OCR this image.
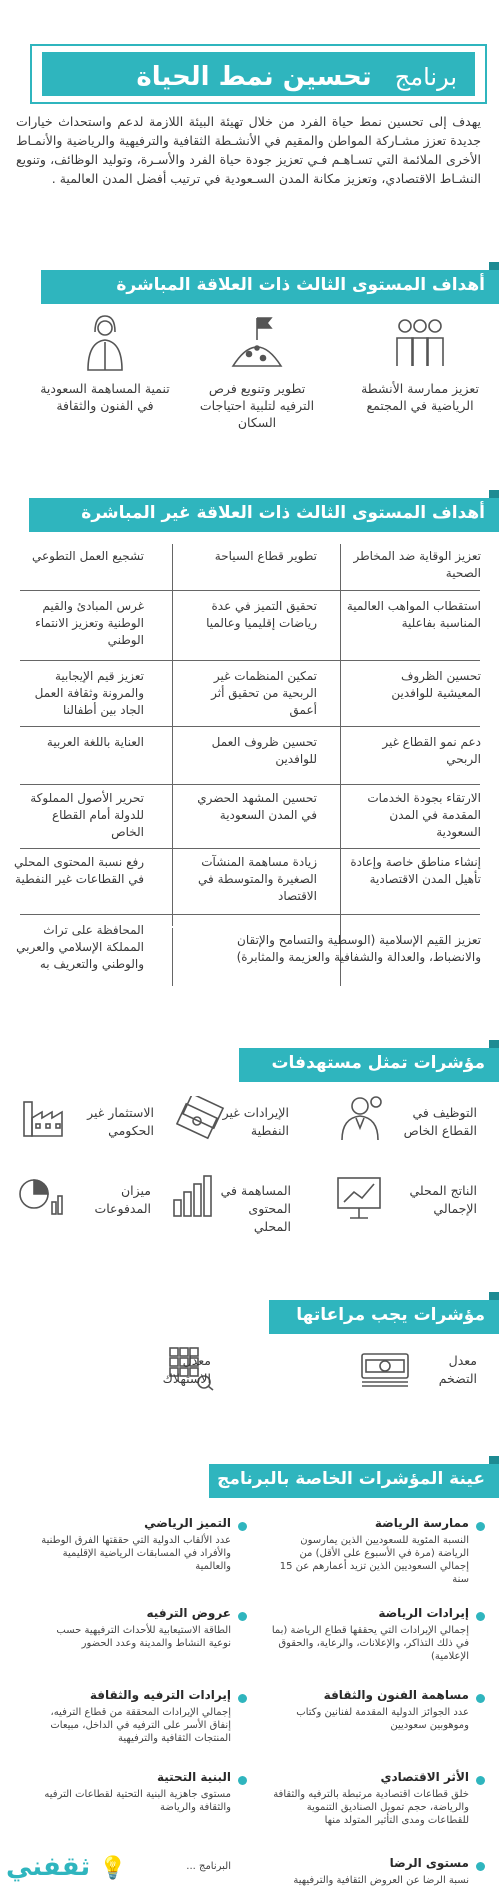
برنامج تحسين نمط الحياة
يهدف إلى تحسين نمط حياة الفرد من خلال تهيئة البيئة اللازمة لدعم واستحداث خيارات جديدة تعزز مشـاركة المواطن والمقيم في الأنشـطة الثقافية والترفيهية والرياضية والأنمـاط الأخرى الملائمة التي تسـاهـم فـي تعزيز جودة حياة الفرد والأسـرة، وتوليد الوظائف، وتنويع النشـاط الاقتصادي، وتعزيز مكانة المدن السـعودية في ترتيب أفضل المدن العالمية .
أهداف المستوى الثالث ذات العلاقة المباشرة
تعزيز ممارسة الأنشطة الرياضية في المجتمع
تطوير وتنويع فرص الترفيه لتلبية احتياجات السكان
تنمية المساهمة السعودية في الفنون والثقافة
أهداف المستوى الثالث ذات العلاقة غير المباشرة
تعزيز الوقاية ضد المخاطر الصحية
تطوير قطاع السياحة
تشجيع العمل التطوعي
استقطاب المواهب العالمية المناسبة بفاعلية
تحقيق التميز في عدة رياضات إقليميا وعالميا
غرس المبادئ والقيم الوطنية وتعزيز الانتماء الوطني
تحسين الظروف المعيشية للوافدين
تمكين المنظمات غير الربحية من تحقيق أثر أعمق
تعزيز قيم الإيجابية والمرونة وثقافة العمل الجاد بين أطفالنا
دعم نمو القطاع غير الربحي
تحسين ظروف العمل للوافدين
العناية باللغة العربية
الارتقاء بجودة الخدمات المقدمة في المدن السعودية
تحسين المشهد الحضري في المدن السعودية
تحرير الأصول المملوكة للدولة أمام القطاع الخاص
إنشاء مناطق خاصة وإعادة تأهيل المدن الاقتصادية
زيادة مساهمة المنشآت الصغيرة والمتوسطة في الاقتصاد
رفع نسبة المحتوى المحلي في القطاعات غير النفطية
تعزيز القيم الإسلامية (الوسطية والتسامح والإتقان والانضباط، والعدالة والشفافية والعزيمة والمثابرة)
المحافظة على تراث المملكة الإسلامي والعربي والوطني والتعريف به
مؤشرات تمثل مستهدفات
التوظيف في القطاع الخاص
الإيرادات غير النفطية
الاستثمار غير الحكومي
الناتج المحلي الإجمالي
المساهمة في المحتوى المحلي
ميزان المدفوعات
مؤشرات يجب مراعاتها
معدل التضخم
معدل الاستهلاك
عينة المؤشرات الخاصة بالبرنامج
ممارسة الرياضة
النسبة المئوية للسعوديين الذين يمارسون الرياضة (مرة في الأسبوع على الأقل) من إجمالي السعوديين الذين تزيد أعمارهم عن 15 سنة
إيرادات الرياضة
إجمالي الإيرادات التي يحققها قطاع الرياضة (بما في ذلك التذاكر، والإعلانات، والرعاية، والحقوق الإعلامية)
مساهمة الفنون والثقافة
عدد الجوائز الدولية المقدمة لفنانين وكتاب وموهوبين سعوديين
الأثر الاقتصادي
خلق قطاعات اقتصادية مرتبطة بالترفيه والثقافة والرياضة، حجم تمويل الصناديق التنموية للقطاعات ومدى التأثير المتولد منها
مستوى الرضا
نسبة الرضا عن العروض الثقافية والترفيهية
التميز الرياضي
عدد الألقاب الدولية التي حققتها الفرق الوطنية والأفراد في المسابقات الرياضية الإقليمية والعالمية
عروض الترفيه
الطاقة الاستيعابية للأحداث الترفيهية حسب نوعية النشاط والمدينة وعدد الحضور
إيرادات الترفيه والثقافة
إجمالي الإيرادات المحققة من قطاع الترفيه، إنفاق الأسر على الترفيه في الداخل، مبيعات المنتجات الثقافية والترفيهية
البنية التحتية
مستوى جاهزية البنية التحتية لقطاعات الترفيه والثقافة والرياضة
البرنامج ...
💡 ثقفني
